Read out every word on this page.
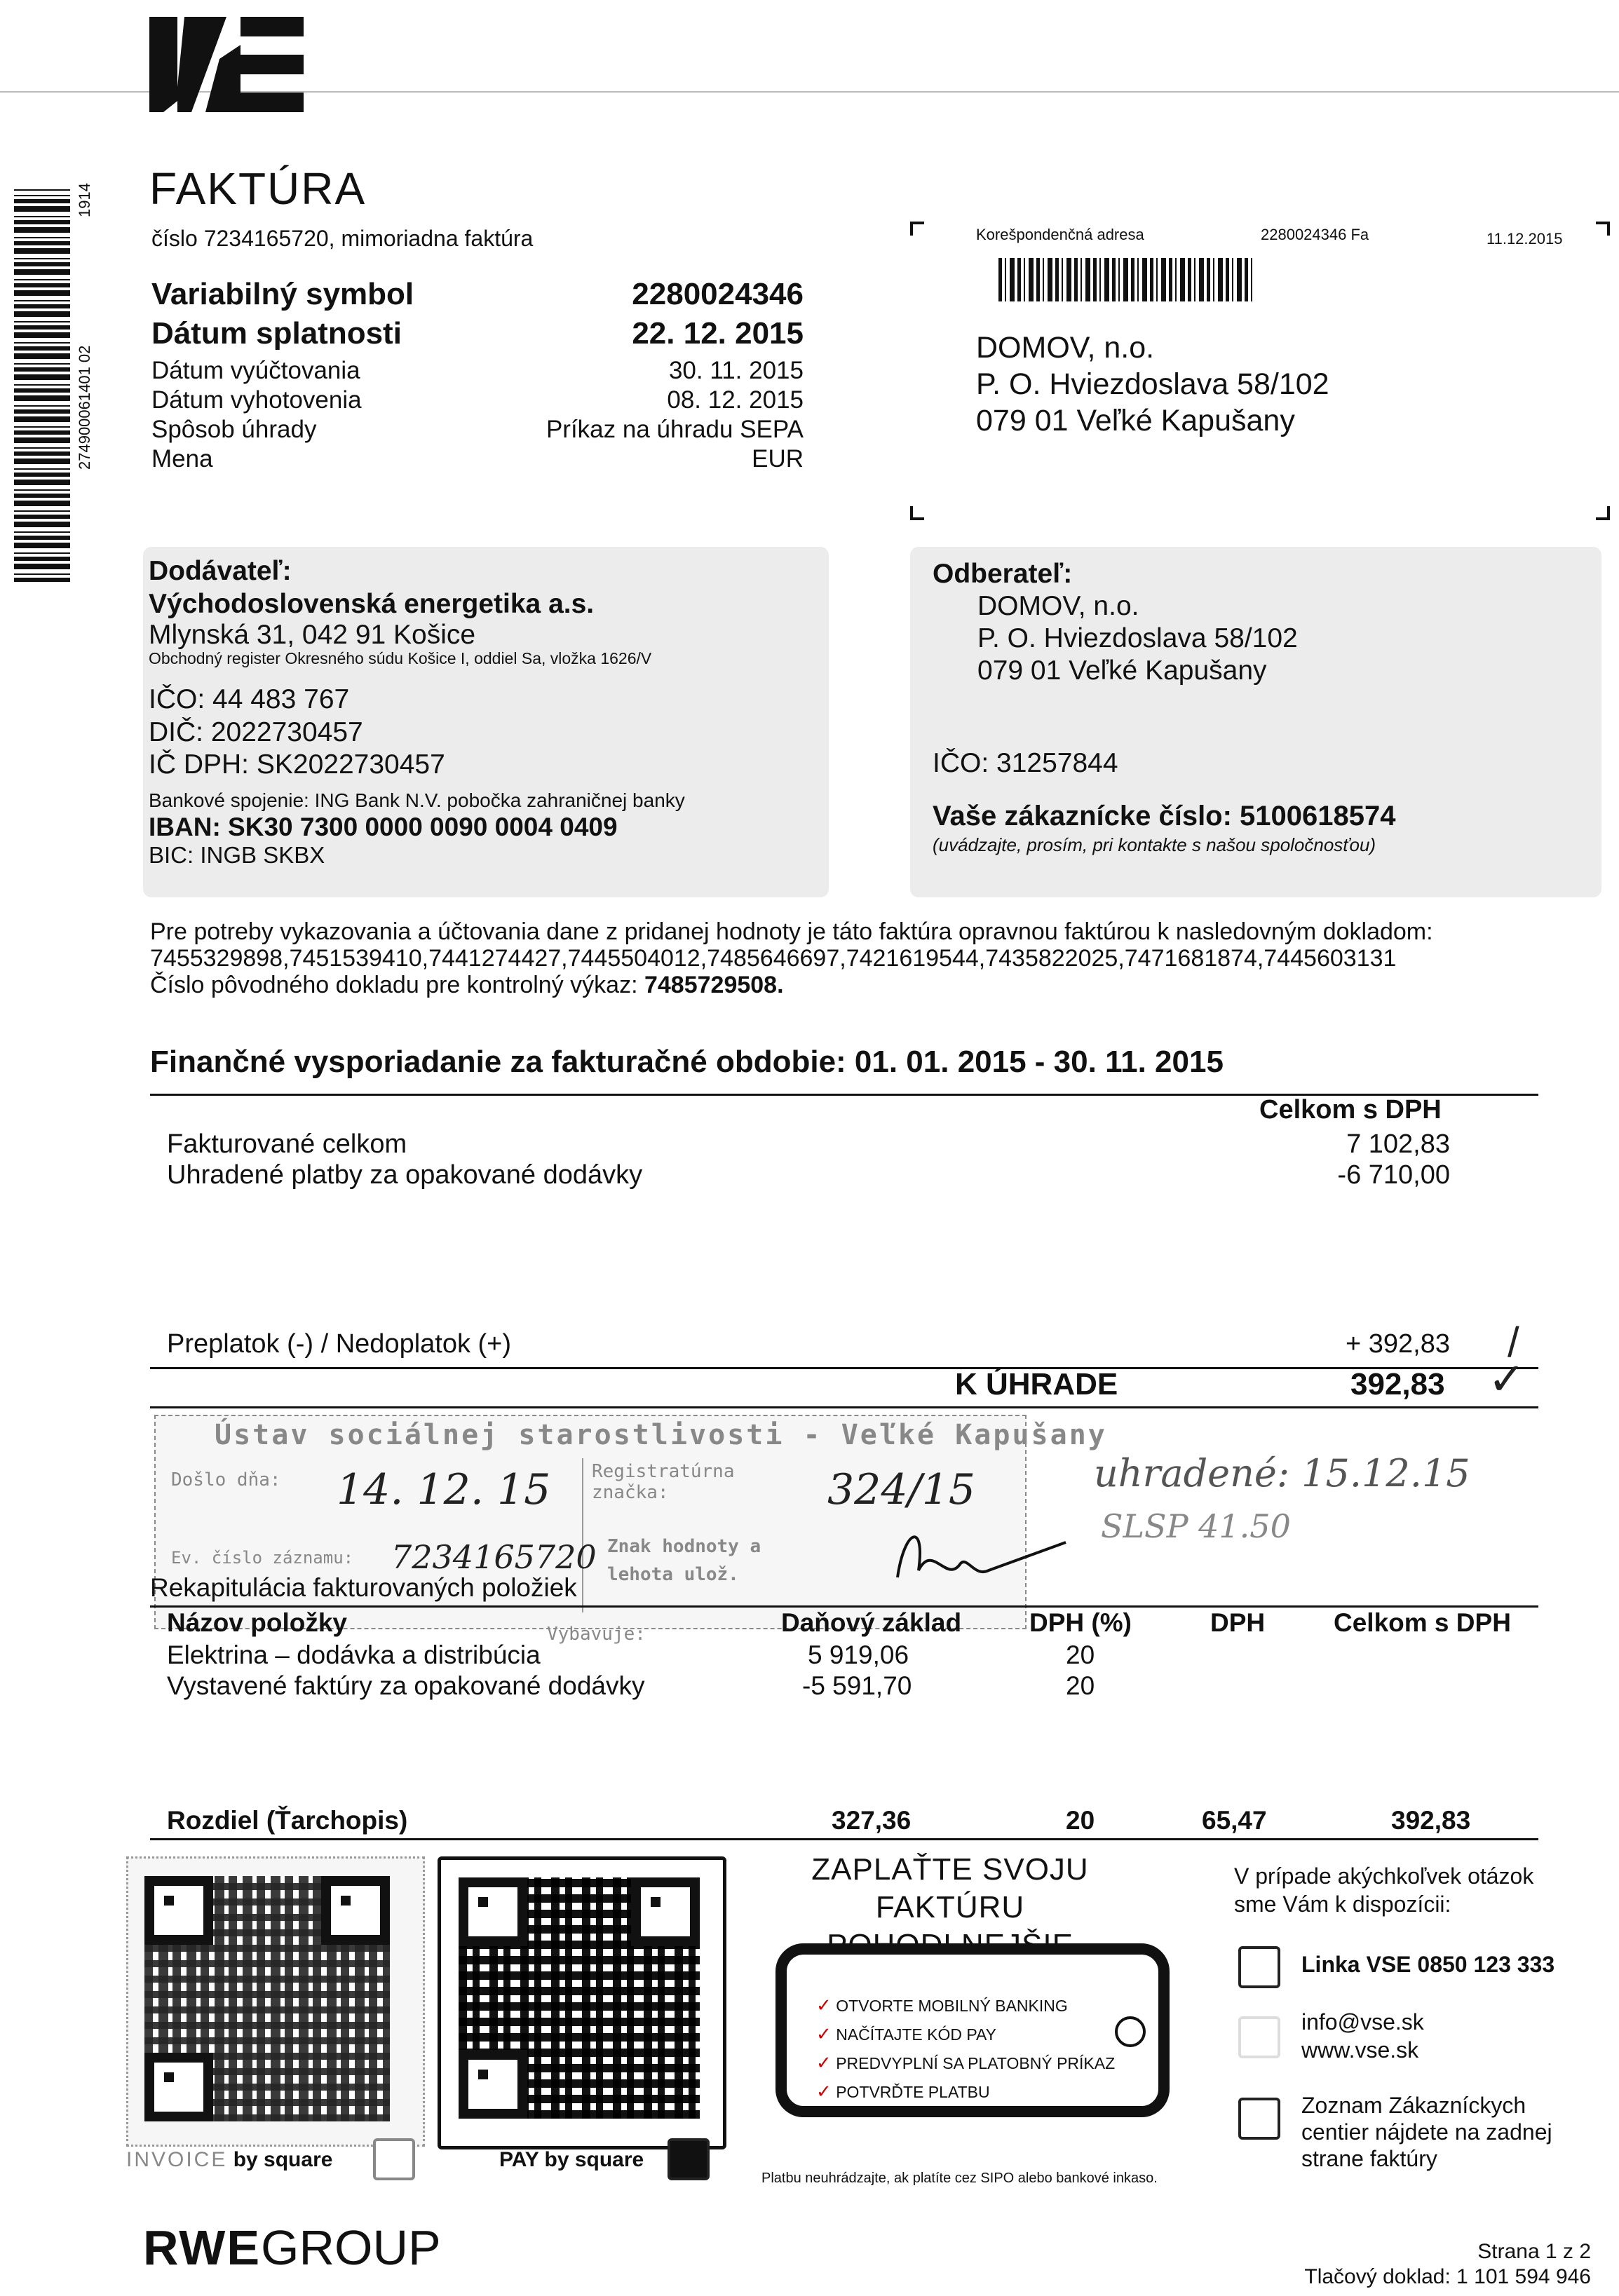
1914
274900061401 02
FAKTÚRA
číslo 7234165720, mimoriadna faktúra
Variabilný symbol	2280024346
Dátum splatnosti	22. 12. 2015
Dátum vyúčtovania	30. 11. 2015
Dátum vyhotovenia	08. 12. 2015
Spôsob úhrady	Príkaz na úhradu SEPA
Mena	EUR
Korešpondenčná adresa	2280024346 Fa	11.12.2015
DOMOV, n.o.
P. O. Hviezdoslava 58/102
079 01 Veľké Kapušany
Dodávateľ:
Východoslovenská energetika a.s.
Mlynská 31, 042 91 Košice
Obchodný register Okresného súdu Košice I, oddiel Sa, vložka 1626/V
IČO: 44 483 767
DIČ: 2022730457
IČ DPH: SK2022730457
Bankové spojenie: ING Bank N.V. pobočka zahraničnej banky
IBAN: SK30 7300 0000 0090 0004 0409
BIC: INGB SKBX
Odberateľ:
DOMOV, n.o.
P. O. Hviezdoslava 58/102
079 01 Veľké Kapušany
IČO: 31257844
Vaše zákaznícke číslo: 5100618574
(uvádzajte, prosím, pri kontakte s našou spoločnosťou)
Pre potreby vykazovania a účtovania dane z pridanej hodnoty je táto faktúra opravnou faktúrou k nasledovným dokladom:
7455329898,7451539410,7441274427,7445504012,7485646697,7421619544,7435822025,7471681874,7445603131
Číslo pôvodného dokladu pre kontrolný výkaz: 7485729508.
Finančné vysporiadanie za fakturačné obdobie: 01. 01. 2015 - 30. 11. 2015
Celkom s DPH
Fakturované celkom	7 102,83
Uhradené platby za opakované dodávky	-6 710,00
Preplatok (-) / Nedoplatok (+)	+ 392,83 /
K ÚHRADE	392,83 ✓
Ústav sociálnej starostlivosti - Veľké Kapušany
Došlo dňa: 14. 12. 15 Registratúrna značka:	324/15
Ev. číslo záznamu: 7234165720 Znak hodnoty a lehota ulož.
Vybavuje:
uhradené: 15.12.15
SLSP 41.50
Rekapitulácia fakturovaných položiek
Názov položky	Daňový základ	DPH (%)	DPH	Celkom s DPH
Elektrina – dodávka a distribúcia	5 919,06	20
Vystavené faktúry za opakované dodávky	-5 591,70	20
Rozdiel (Ťarchopis)	327,36	20	65,47	392,83
INVOICE by square	PAY by square
ZAPLAŤTE SVOJU FAKTÚRU
✓ OTVORTE MOBILNÝ BANKING
✓ NAČÍTAJTE KÓD PAY
✓ PREDVYPLNÍ SA PLATOBNÝ PRÍKAZ
✓ POTVRĎTE PLATBU
Platbu neuhrádzajte, ak platíte cez SIPO alebo bankové inkaso.
V prípade akýchkoľvek otázok
sme Vám k dispozícii:
Linka VSE 0850 123 333
info@vse.sk
www.vse.sk
Zoznam Zákazníckych
centier nájdete na zadnej
strane faktúry
RWEGROUP	Strana 1 z 2
Tlačový doklad: 1 101 594 946
